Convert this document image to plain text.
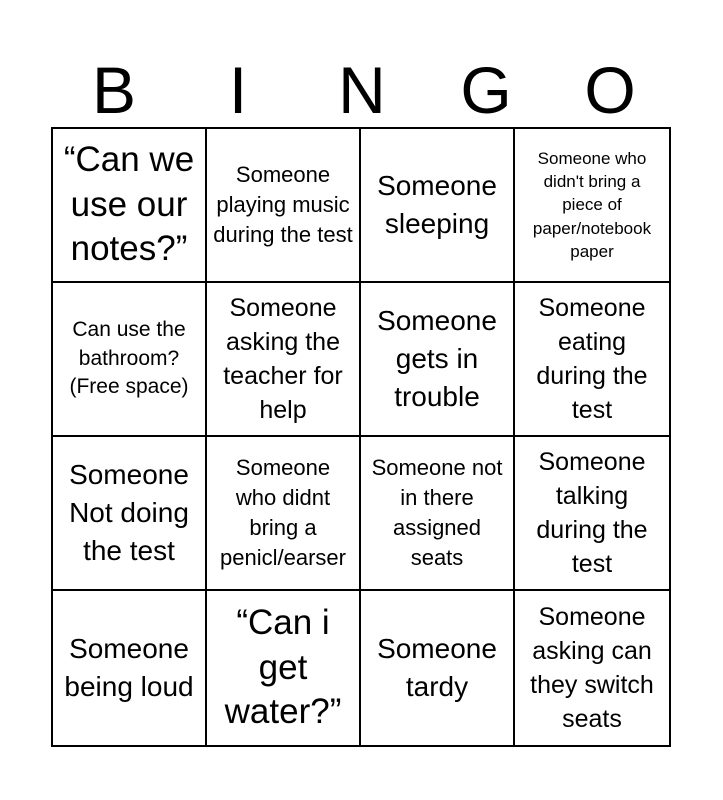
B	I	N	G	O
“Can we use our notes?”
Someone playing music during the test
Someone sleeping
Someone who didn't bring a piece of paper/notebook paper
Can use the bathroom? (Free space)
Someone asking the teacher for help
Someone gets in trouble
Someone eating during the test
Someone Not doing the test
Someone who didnt bring a penicl/earser
Someone not in there assigned seats
Someone talking during the test
Someone being loud
“Can i get water?”
Someone tardy
Someone asking can they switch seats
